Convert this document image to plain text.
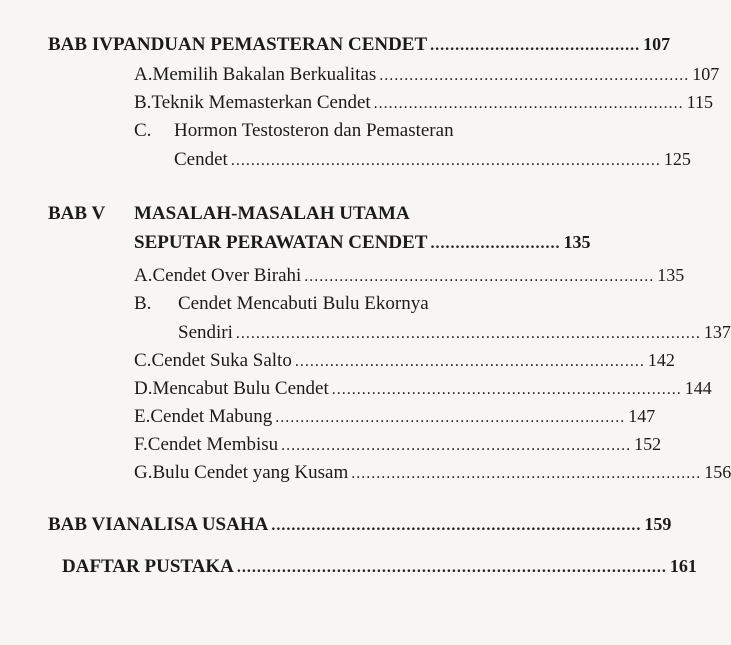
BAB IV PANDUAN PEMASTERAN CENDET .......................................... 107
A. Memilih Bakalan Berkualitas .............................................................. 107
B. Teknik Memasterkan Cendet .............................................................. 115
C.	Hormon Testosteron dan Pemasteran
Cendet ...................................................................................... 125
BAB V	MASALAH-MASALAH UTAMA
SEPUTAR PERAWATAN CENDET .......................... 135
A. Cendet Over Birahi ...................................................................... 135
B.	Cendet Mencabuti Bulu Ekornya
Sendiri ............................................................................................. 137
C. Cendet Suka Salto ...................................................................... 142
D. Mencabut Bulu Cendet ...................................................................... 144
E. Cendet Mabung ...................................................................... 147
F. Cendet Membisu ...................................................................... 152
G. Bulu Cendet yang Kusam ...................................................................... 156
BAB VI ANALISA USAHA .......................................................................... 159
DAFTAR PUSTAKA ...................................................................................... 161
